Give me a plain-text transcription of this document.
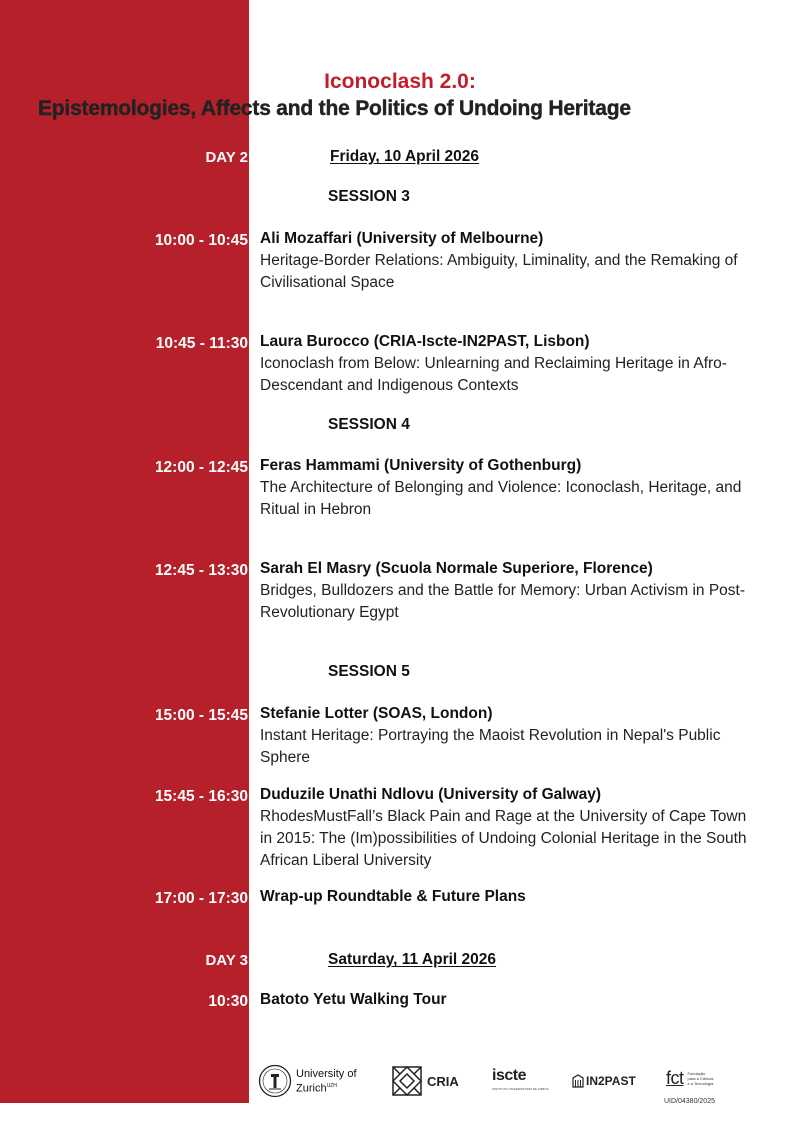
Iconoclash 2.0:
Epistemologies, Affects and the Politics of Undoing Heritage
DAY 2	Friday, 10 April 2026
SESSION 3
10:00 - 10:45 Ali Mozaffari (University of Melbourne)
Heritage-Border Relations: Ambiguity, Liminality, and the Remaking of Civilisational Space
10:45 - 11:30 Laura Burocco (CRIA-Iscte-IN2PAST, Lisbon)
Iconoclash from Below: Unlearning and Reclaiming Heritage in Afro-Descendant and Indigenous Contexts
SESSION 4
12:00 - 12:45 Feras Hammami (University of Gothenburg)
The Architecture of Belonging and Violence: Iconoclash, Heritage, and Ritual in Hebron
12:45 - 13:30 Sarah El Masry (Scuola Normale Superiore, Florence)
Bridges, Bulldozers and the Battle for Memory: Urban Activism in Post-Revolutionary Egypt
SESSION 5
15:00 - 15:45 Stefanie Lotter (SOAS, London)
Instant Heritage: Portraying the Maoist Revolution in Nepal's Public Sphere
15:45 - 16:30 Duduzile Unathi Ndlovu (University of Galway)
RhodesMustFall’s Black Pain and Rage at the University of Cape Town in 2015: The (Im)possibilities of Undoing Colonial Heritage in the South African Liberal University
17:00 - 17:30 Wrap-up Roundtable & Future Plans
DAY 3	Saturday, 11 April 2026
10:30 Batoto Yetu Walking Tour
University of
Zurich$^{UZH}$	CRIA iscte
INSTITUTO UNIVERSITÁRIO DE LISBOA
IN2PAST fct Fundação
para a Ciência
e a Tecnologia
UID/04380/2025
